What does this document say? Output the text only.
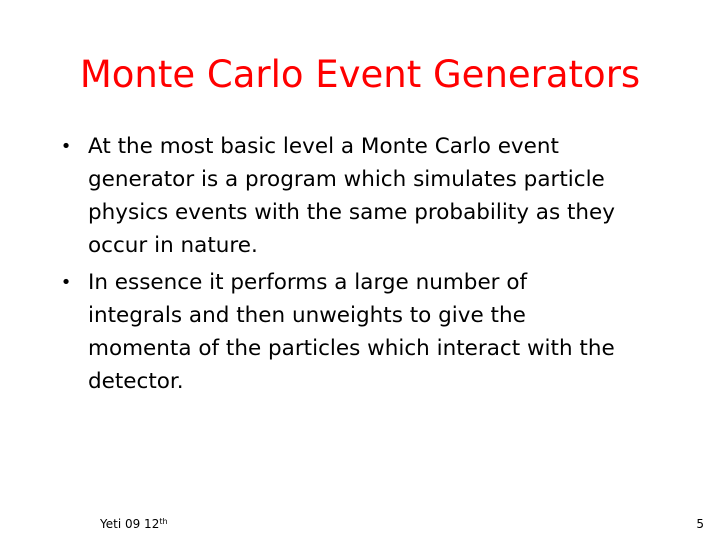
Monte Carlo Event Generators
• At the most basic level a Monte Carlo event
generator is a program which simulates particle
physics events with the same probability as they
occur in nature.
• In essence it performs a large number of
integrals and then unweights to give the
momenta of the particles which interact with the
detector.
Yeti 09 12th	5
